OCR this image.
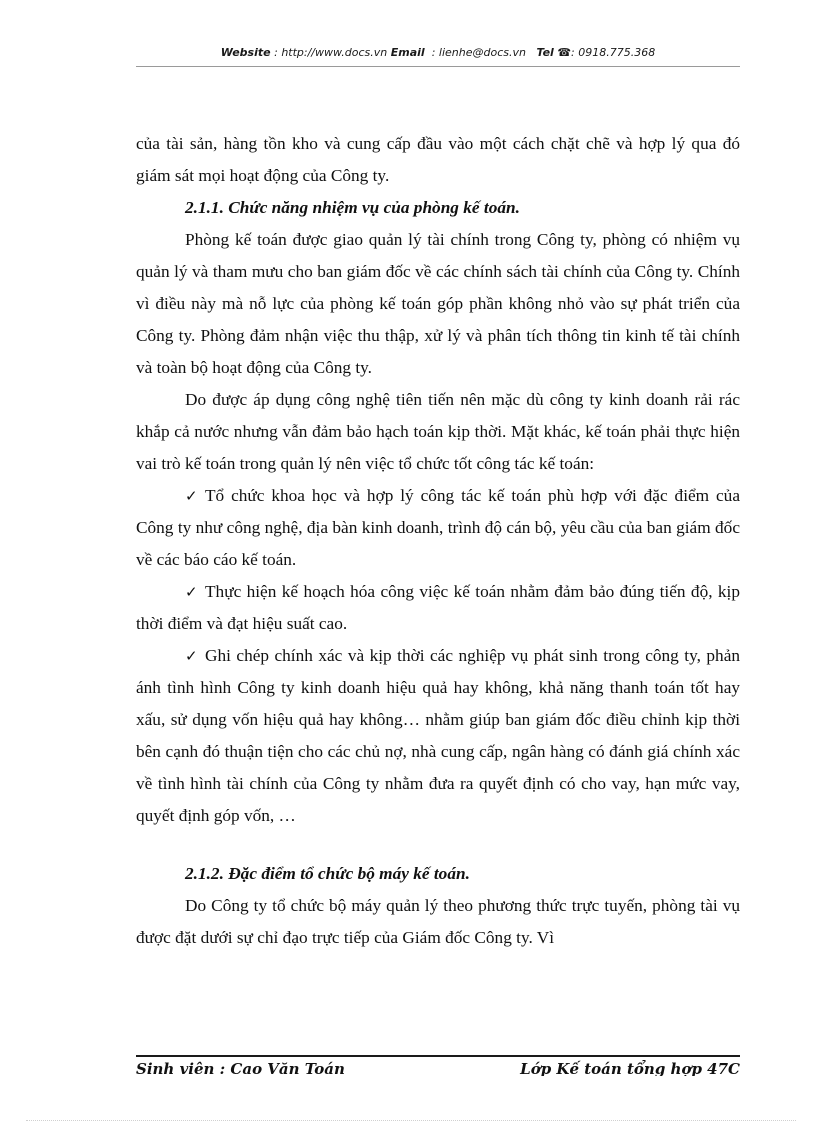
Website : http://www.docs.vn Email  : lienhe@docs.vn Tel ☎: 0918.775.368

của tài sản, hàng tồn kho và cung cấp đầu vào một cách chặt chẽ và hợp lý qua đó giám sát mọi hoạt động của Công ty.

2.1.1. Chức năng nhiệm vụ của phòng kế toán.

Phòng kế toán được giao quản lý tài chính trong Công ty, phòng có nhiệm vụ quản lý và tham mưu cho ban giám đốc về các chính sách tài chính của Công ty. Chính vì điều này mà nỗ lực của phòng kế toán góp phần không nhỏ vào sự phát triển của Công ty. Phòng đảm nhận việc thu thập, xử lý và phân tích thông tin kinh tế tài chính và toàn bộ hoạt động của Công ty.

Do được áp dụng công nghệ tiên tiến nên mặc dù công ty kinh doanh rải rác khắp cả nước nhưng vẫn đảm bảo hạch toán kịp thời. Mặt khác, kế toán phải thực hiện vai trò kế toán trong quản lý nên việc tổ chức tốt công tác kế toán:

✓ Tổ chức khoa học và hợp lý công tác kế toán phù hợp với đặc điểm của Công ty như công nghệ, địa bàn kinh doanh, trình độ cán bộ, yêu cầu của ban giám đốc về các báo cáo kế toán.

✓ Thực hiện kế hoạch hóa công việc kế toán nhằm đảm bảo đúng tiến độ, kịp thời điểm và đạt hiệu suất cao.

✓ Ghi chép chính xác và kịp thời các nghiệp vụ phát sinh trong công ty, phản ánh tình hình Công ty kinh doanh hiệu quả hay không, khả năng thanh toán tốt hay xấu, sử dụng vốn hiệu quả hay không… nhằm giúp ban giám đốc điều chỉnh kịp thời bên cạnh đó thuận tiện cho các chủ nợ, nhà cung cấp, ngân hàng có đánh giá chính xác về tình hình tài chính của Công ty nhằm đưa ra quyết định có cho vay, hạn mức vay, quyết định góp vốn, …

2.1.2. Đặc điểm tổ chức bộ máy kế toán.

Do Công ty tổ chức bộ máy quản lý theo phương thức trực tuyến, phòng tài vụ được đặt dưới sự chỉ đạo trực tiếp của Giám đốc Công ty. Vì

Sinh viên : Cao Văn Toán	Lớp Kế toán tổng hợp 47C
